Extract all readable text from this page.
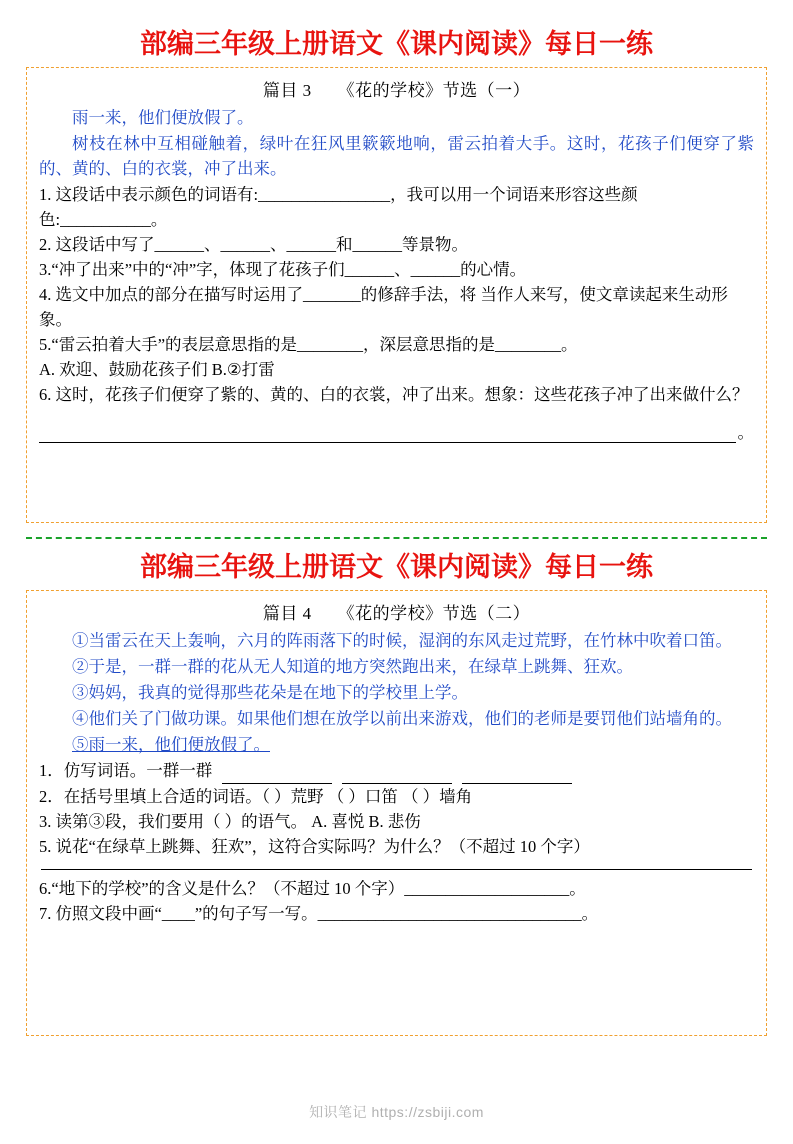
部编三年级上册语文《课内阅读》每日一练
篇目 3 《花的学校》节选（一）

雨一来，他们便放假了。

树枝在林中互相碰触着，绿叶在狂风里簌簌地响，雷云拍着大手。这时，花孩子们便穿了紫的、黄的、白的衣裳，冲了出来。

1. 这段话中表示颜色的词语有:________________，我可以用一个词语来形容这些颜色:___________。

2. 这段话中写了______、______、______和______等景物。

3.“冲了出来”中的“冲”字，体现了花孩子们______、______的心情。

4. 选文中加点的部分在描写时运用了_______的修辞手法，将 当作人来写，使文章读起来生动形象。

5.“雷云拍着大手”的表层意思指的是________，深层意思指的是________。

A. 欢迎、鼓励花孩子们 B.②打雷

6. 这时，花孩子们便穿了紫的、黄的、白的衣裳，冲了出来。想象：这些花孩子冲了出来做什么？

。
部编三年级上册语文《课内阅读》每日一练
篇目 4 《花的学校》节选（二）

①当雷云在天上轰响，六月的阵雨落下的时候，湿润的东风走过荒野，在竹林中吹着口笛。

②于是，一群一群的花从无人知道的地方突然跑出来，在绿草上跳舞、狂欢。

③妈妈，我真的觉得那些花朵是在地下的学校里上学。

④他们关了门做功课。如果他们想在放学以前出来游戏，他们的老师是要罚他们站墙角的。

⑤雨一来，他们便放假了。

1．仿写词语。一群一群

2．在括号里填上合适的词语。（ ）荒野 （ ）口笛 （ ）墙角

3. 读第③段，我们要用（ ）的语气。 A. 喜悦 B. 悲伤

5. 说花“在绿草上跳舞、狂欢”，这符合实际吗？为什么？（不超过 10 个字）

6.“地下的学校”的含义是什么？（不超过 10 个字）____________________。

7. 仿照文段中画“____”的句子写一写。________________________________。

知识笔记 https://zsbiji.com
